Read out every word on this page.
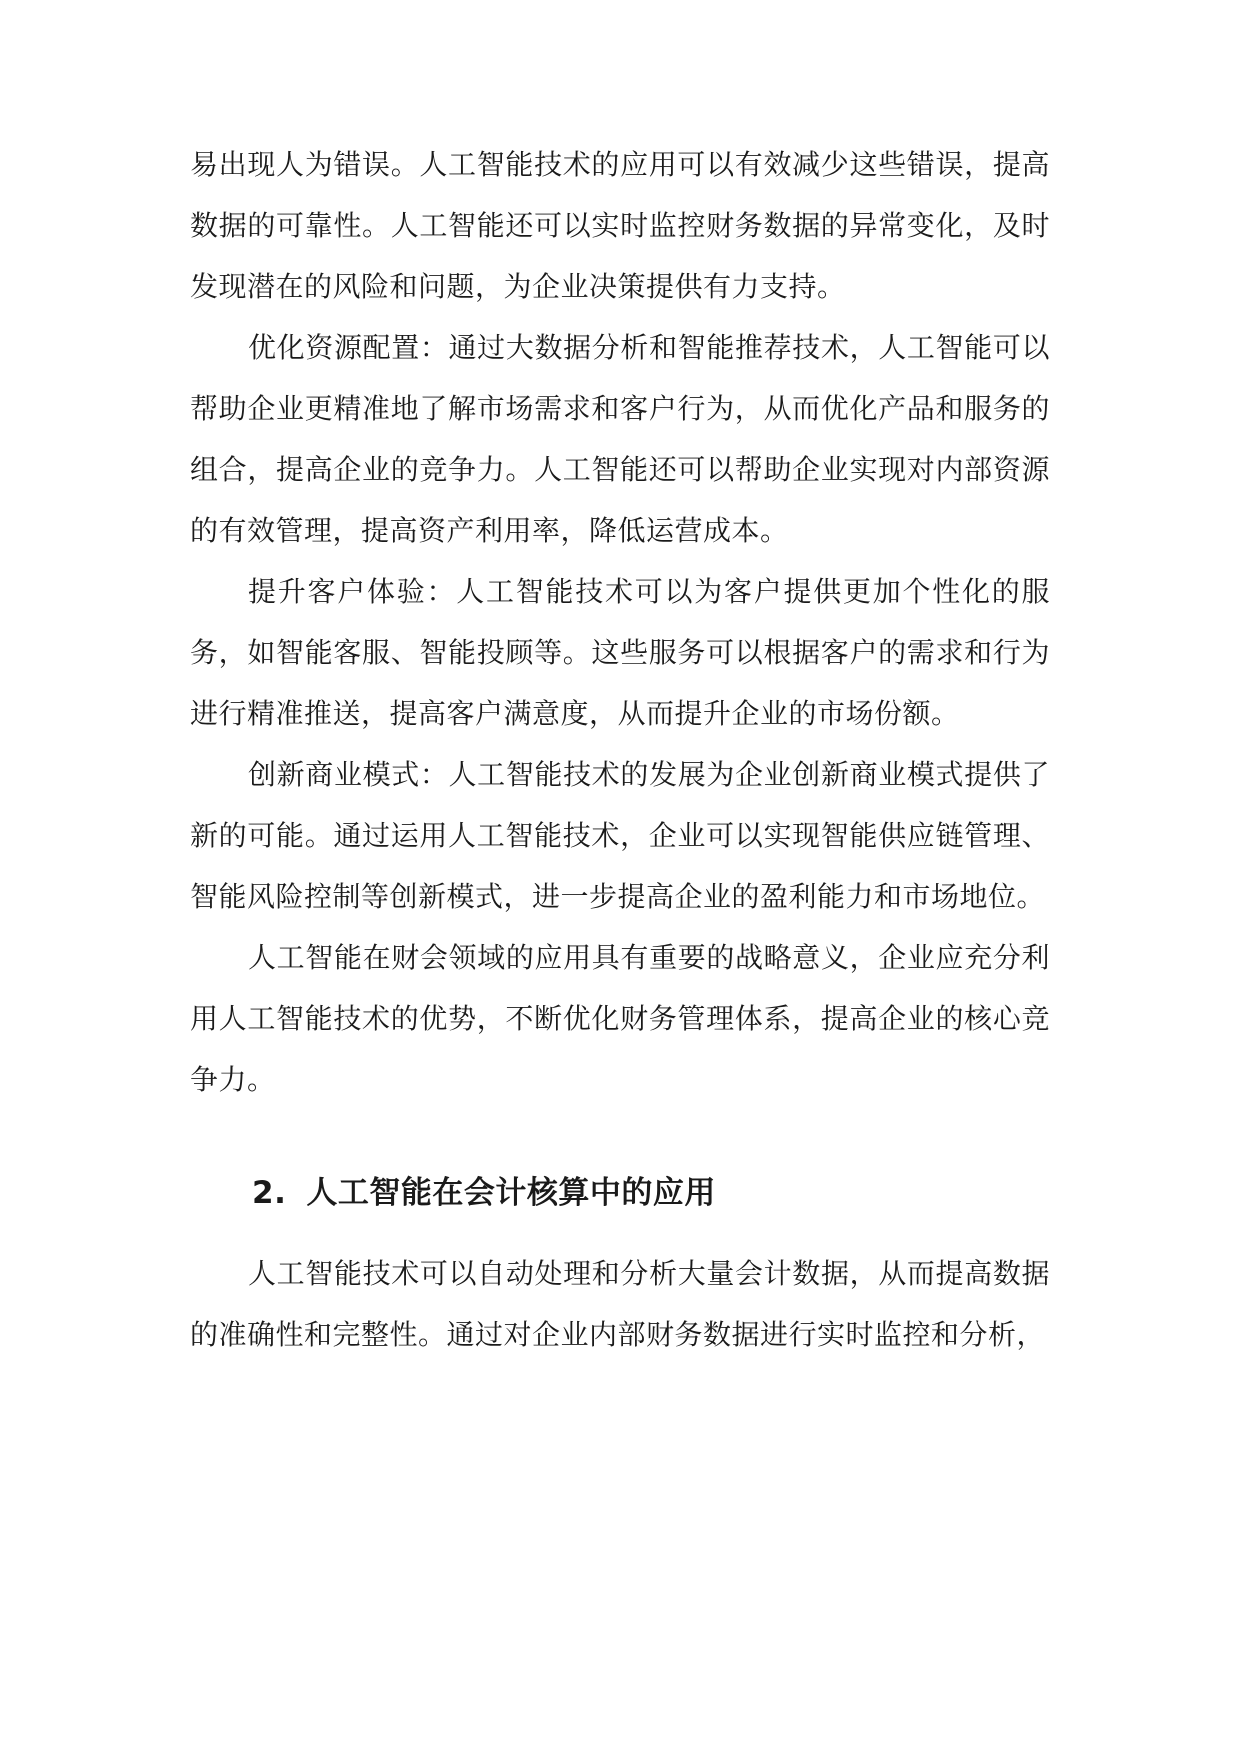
易出现人为错误。人工智能技术的应用可以有效减少这些错误，提高数据的可靠性。人工智能还可以实时监控财务数据的异常变化，及时发现潜在的风险和问题，为企业决策提供有力支持。

优化资源配置：通过大数据分析和智能推荐技术，人工智能可以帮助企业更精准地了解市场需求和客户行为，从而优化产品和服务的组合，提高企业的竞争力。人工智能还可以帮助企业实现对内部资源的有效管理，提高资产利用率，降低运营成本。

提升客户体验：人工智能技术可以为客户提供更加个性化的服务，如智能客服、智能投顾等。这些服务可以根据客户的需求和行为进行精准推送，提高客户满意度，从而提升企业的市场份额。

创新商业模式：人工智能技术的发展为企业创新商业模式提供了新的可能。通过运用人工智能技术，企业可以实现智能供应链管理、智能风险控制等创新模式，进一步提高企业的盈利能力和市场地位。

人工智能在财会领域的应用具有重要的战略意义，企业应充分利用人工智能技术的优势，不断优化财务管理体系，提高企业的核心竞争力。

2. 人工智能在会计核算中的应用

人工智能技术可以自动处理和分析大量会计数据，从而提高数据的准确性和完整性。通过对企业内部财务数据进行实时监控和分析，
